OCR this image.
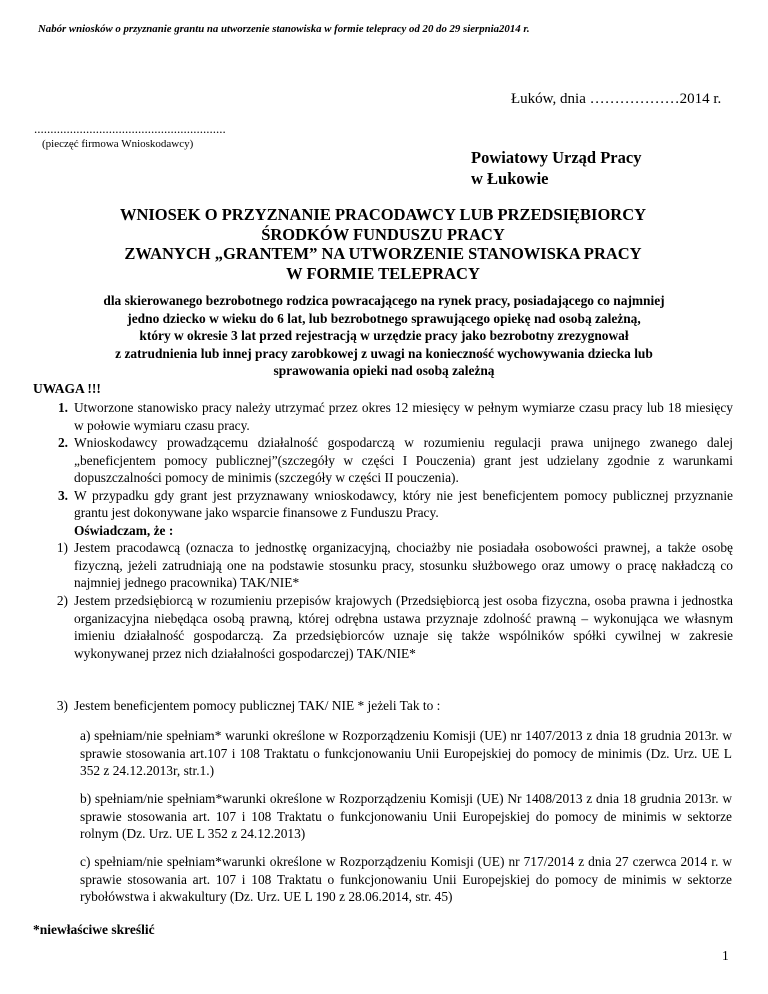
Nabór wniosków o przyznanie grantu na utworzenie stanowiska w formie telepracy od 20 do 29 sierpnia2014 r.
Łuków, dnia ………………2014 r.
...........................................................
(pieczęć firmowa Wnioskodawcy)
Powiatowy Urząd Pracy
w Łukowie
WNIOSEK O PRZYZNANIE PRACODAWCY LUB PRZEDSIĘBIORCY
ŚRODKÓW FUNDUSZU PRACY
ZWANYCH „GRANTEM” NA UTWORZENIE STANOWISKA PRACY
W FORMIE TELEPRACY
dla skierowanego bezrobotnego rodzica powracającego na rynek pracy, posiadającego co najmniej
jedno dziecko w wieku do 6 lat, lub bezrobotnego sprawującego opiekę nad osobą zależną,
który w okresie 3 lat przed rejestracją w urzędzie pracy jako bezrobotny zrezygnował
z zatrudnienia lub innej pracy zarobkowej z uwagi na konieczność wychowywania dziecka lub
sprawowania opieki nad osobą zależną
UWAGA !!!
1. Utworzone stanowisko pracy należy utrzymać przez okres 12 miesięcy w pełnym wymiarze czasu pracy lub 18 miesięcy w połowie wymiaru czasu pracy.
2. Wnioskodawcy prowadzącemu działalność gospodarczą w rozumieniu regulacji prawa unijnego zwanego dalej „beneficjentem pomocy publicznej”(szczegóły w części I Pouczenia) grant jest udzielany zgodnie z warunkami dopuszczalności pomocy de minimis (szczegóły w części II pouczenia).
3. W przypadku gdy grant jest przyznawany wnioskodawcy, który nie jest beneficjentem pomocy publicznej przyznanie grantu jest dokonywane jako wsparcie finansowe z Funduszu Pracy.
Oświadczam, że :
1) Jestem pracodawcą (oznacza to jednostkę organizacyjną, chociażby nie posiadała osobowości prawnej, a także osobę fizyczną, jeżeli zatrudniają one na podstawie stosunku pracy, stosunku służbowego oraz umowy o pracę nakładczą co najmniej jednego pracownika) TAK/NIE*
2) Jestem przedsiębiorcą w rozumieniu przepisów krajowych (Przedsiębiorcą jest osoba fizyczna, osoba prawna i jednostka organizacyjna niebędąca osobą prawną, której odrębna ustawa przyznaje zdolność prawną – wykonująca we własnym imieniu działalność gospodarczą. Za przedsiębiorców uznaje się także wspólników spółki cywilnej w zakresie wykonywanej przez nich działalności gospodarczej) TAK/NIE*
3) Jestem beneficjentem pomocy publicznej TAK/ NIE * jeżeli Tak to :
a) spełniam/nie spełniam* warunki określone w Rozporządzeniu Komisji (UE) nr 1407/2013 z dnia 18 grudnia 2013r. w sprawie stosowania art.107 i 108 Traktatu o funkcjonowaniu Unii Europejskiej do pomocy de minimis (Dz. Urz. UE L 352 z 24.12.2013r, str.1.)
b) spełniam/nie spełniam*warunki określone w Rozporządzeniu Komisji (UE) Nr 1408/2013 z dnia 18 grudnia 2013r. w sprawie stosowania art. 107 i 108 Traktatu o funkcjonowaniu Unii Europejskiej do pomocy de minimis w sektorze rolnym (Dz. Urz. UE L 352 z 24.12.2013)
c) spełniam/nie spełniam*warunki określone w Rozporządzeniu Komisji (UE) nr 717/2014 z dnia 27 czerwca 2014 r. w sprawie stosowania art. 107 i 108 Traktatu o funkcjonowaniu Unii Europejskiej do pomocy de minimis w sektorze rybołówstwa i akwakultury (Dz. Urz. UE L 190 z 28.06.2014, str. 45)
*niewłaściwe skreślić
1
